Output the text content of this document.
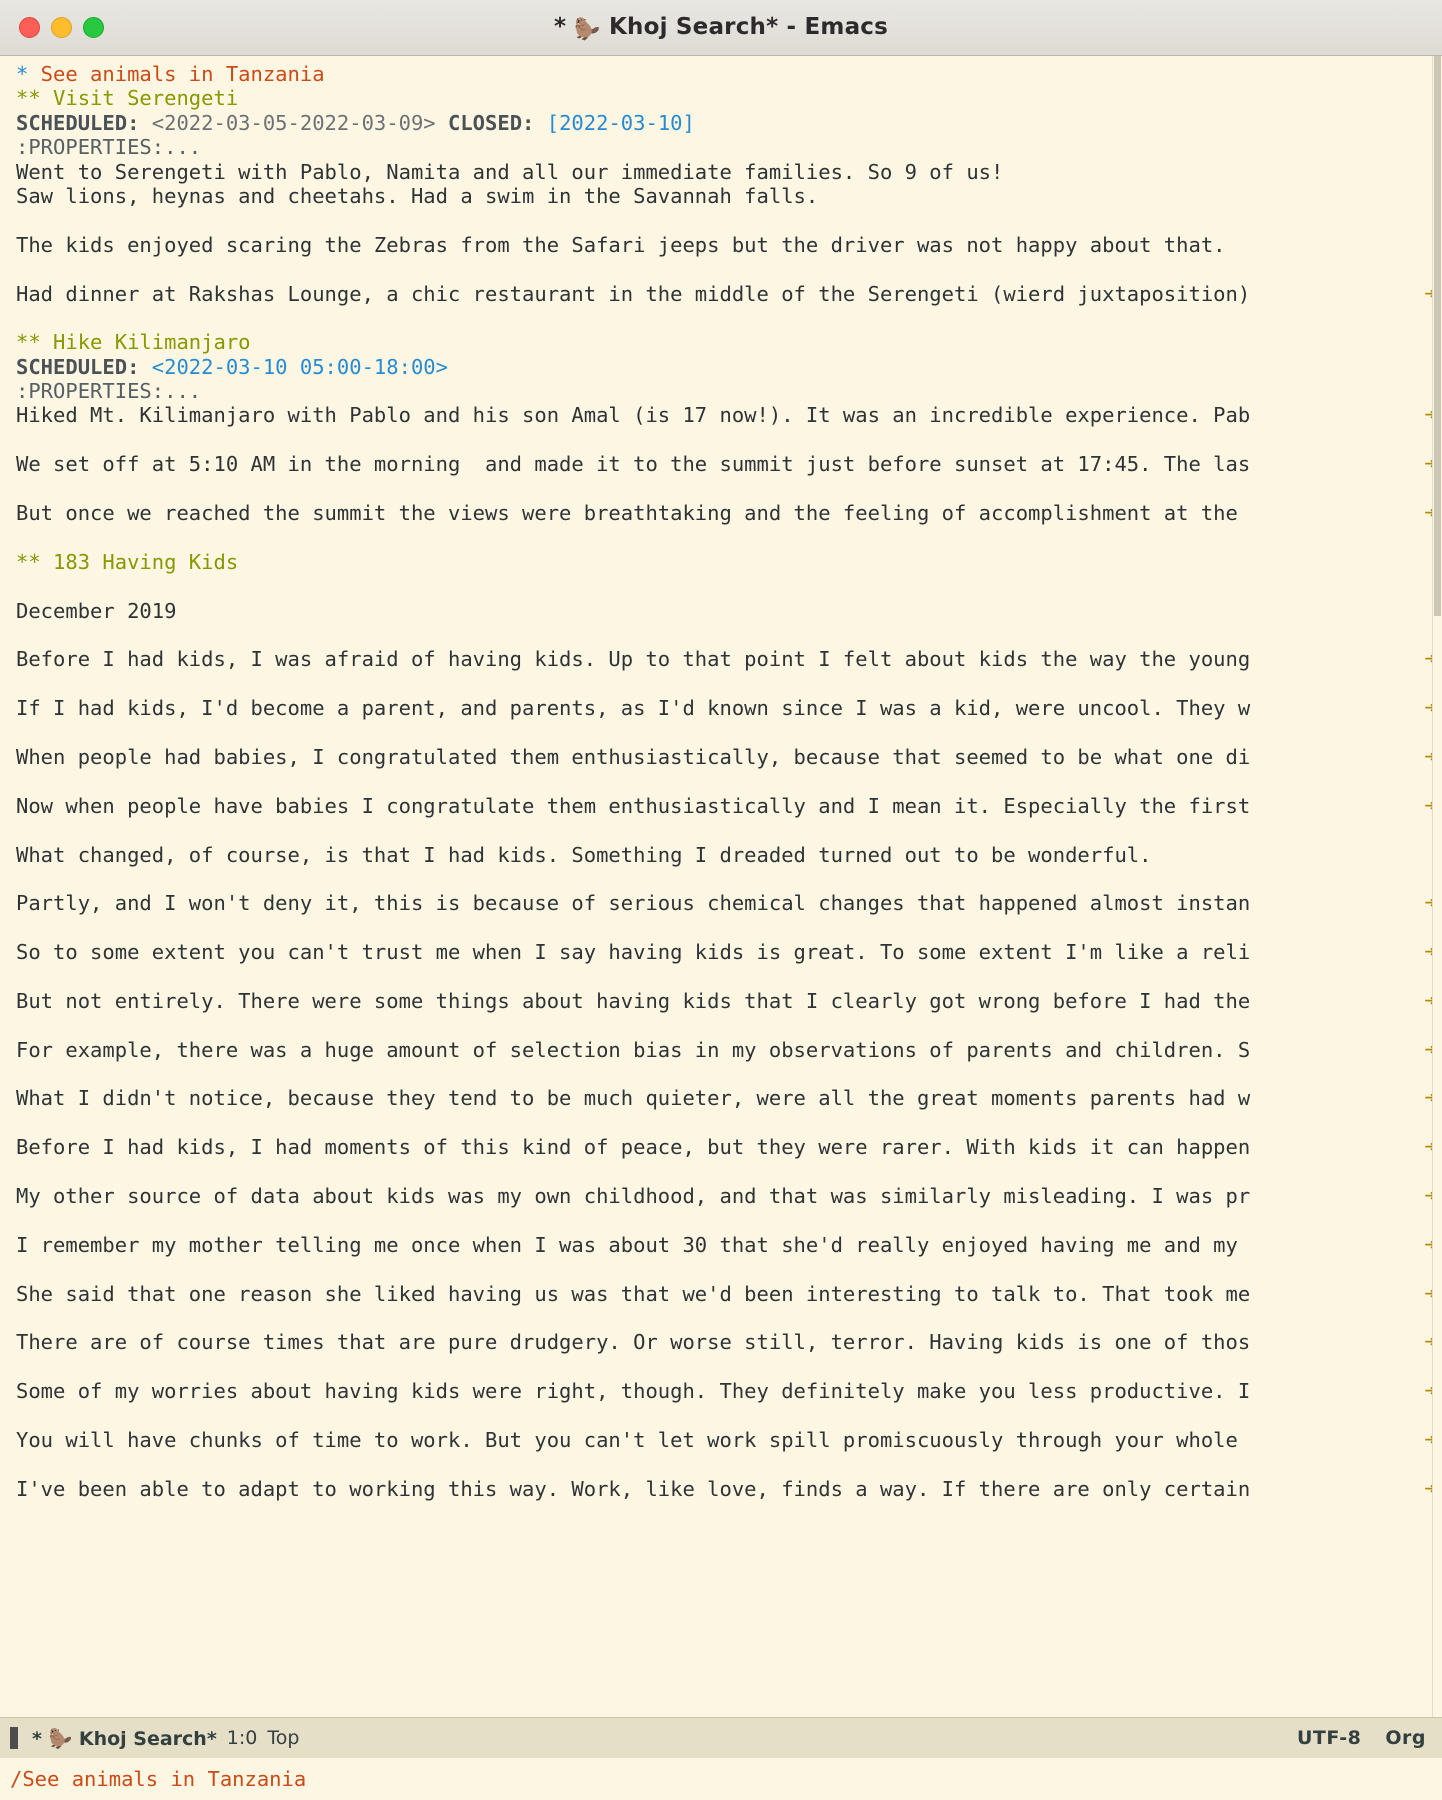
* 🦫 Khoj Search* - Emacs
* See animals in Tanzania
** Visit Serengeti
SCHEDULED: <2022-03-05-2022-03-09> CLOSED: [2022-03-10]
:PROPERTIES:...
Went to Serengeti with Pablo, Namita and all our immediate families. So 9 of us!
Saw lions, heynas and cheetahs. Had a swim in the Savannah falls.

The kids enjoyed scaring the Zebras from the Safari jeeps but the driver was not happy about that.

Had dinner at Rakshas Lounge, a chic restaurant in the middle of the Serengeti (wierd juxtaposition) ➜

** Hike Kilimanjaro
SCHEDULED: <2022-03-10 05:00-18:00>
:PROPERTIES:...
Hiked Mt. Kilimanjaro with Pablo and his son Amal (is 17 now!). It was an incredible experience. Pab ➜

We set off at 5:10 AM in the morning  and made it to the summit just before sunset at 17:45. The las ➜

But once we reached the summit the views were breathtaking and the feeling of accomplishment at the  ➜

** 183 Having Kids

December 2019

Before I had kids, I was afraid of having kids. Up to that point I felt about kids the way the young ➜

If I had kids, I'd become a parent, and parents, as I'd known since I was a kid, were uncool. They w ➜

When people had babies, I congratulated them enthusiastically, because that seemed to be what one di ➜

Now when people have babies I congratulate them enthusiastically and I mean it. Especially the first ➜

What changed, of course, is that I had kids. Something I dreaded turned out to be wonderful.

Partly, and I won't deny it, this is because of serious chemical changes that happened almost instan ➜

So to some extent you can't trust me when I say having kids is great. To some extent I'm like a reli ➜

But not entirely. There were some things about having kids that I clearly got wrong before I had the ➜

For example, there was a huge amount of selection bias in my observations of parents and children. S ➜

What I didn't notice, because they tend to be much quieter, were all the great moments parents had w ➜

Before I had kids, I had moments of this kind of peace, but they were rarer. With kids it can happen ➜

My other source of data about kids was my own childhood, and that was similarly misleading. I was pr ➜

I remember my mother telling me once when I was about 30 that she'd really enjoyed having me and my  ➜

She said that one reason she liked having us was that we'd been interesting to talk to. That took me ➜

There are of course times that are pure drudgery. Or worse still, terror. Having kids is one of thos ➜

Some of my worries about having kids were right, though. They definitely make you less productive. I ➜

You will have chunks of time to work. But you can't let work spill promiscuously through your whole  ➜

I've been able to adapt to working this way. Work, like love, finds a way. If there are only certain ➜
* 🦫 Khoj Search* 1:0 Top	UTF-8 Org
/See animals in Tanzania
